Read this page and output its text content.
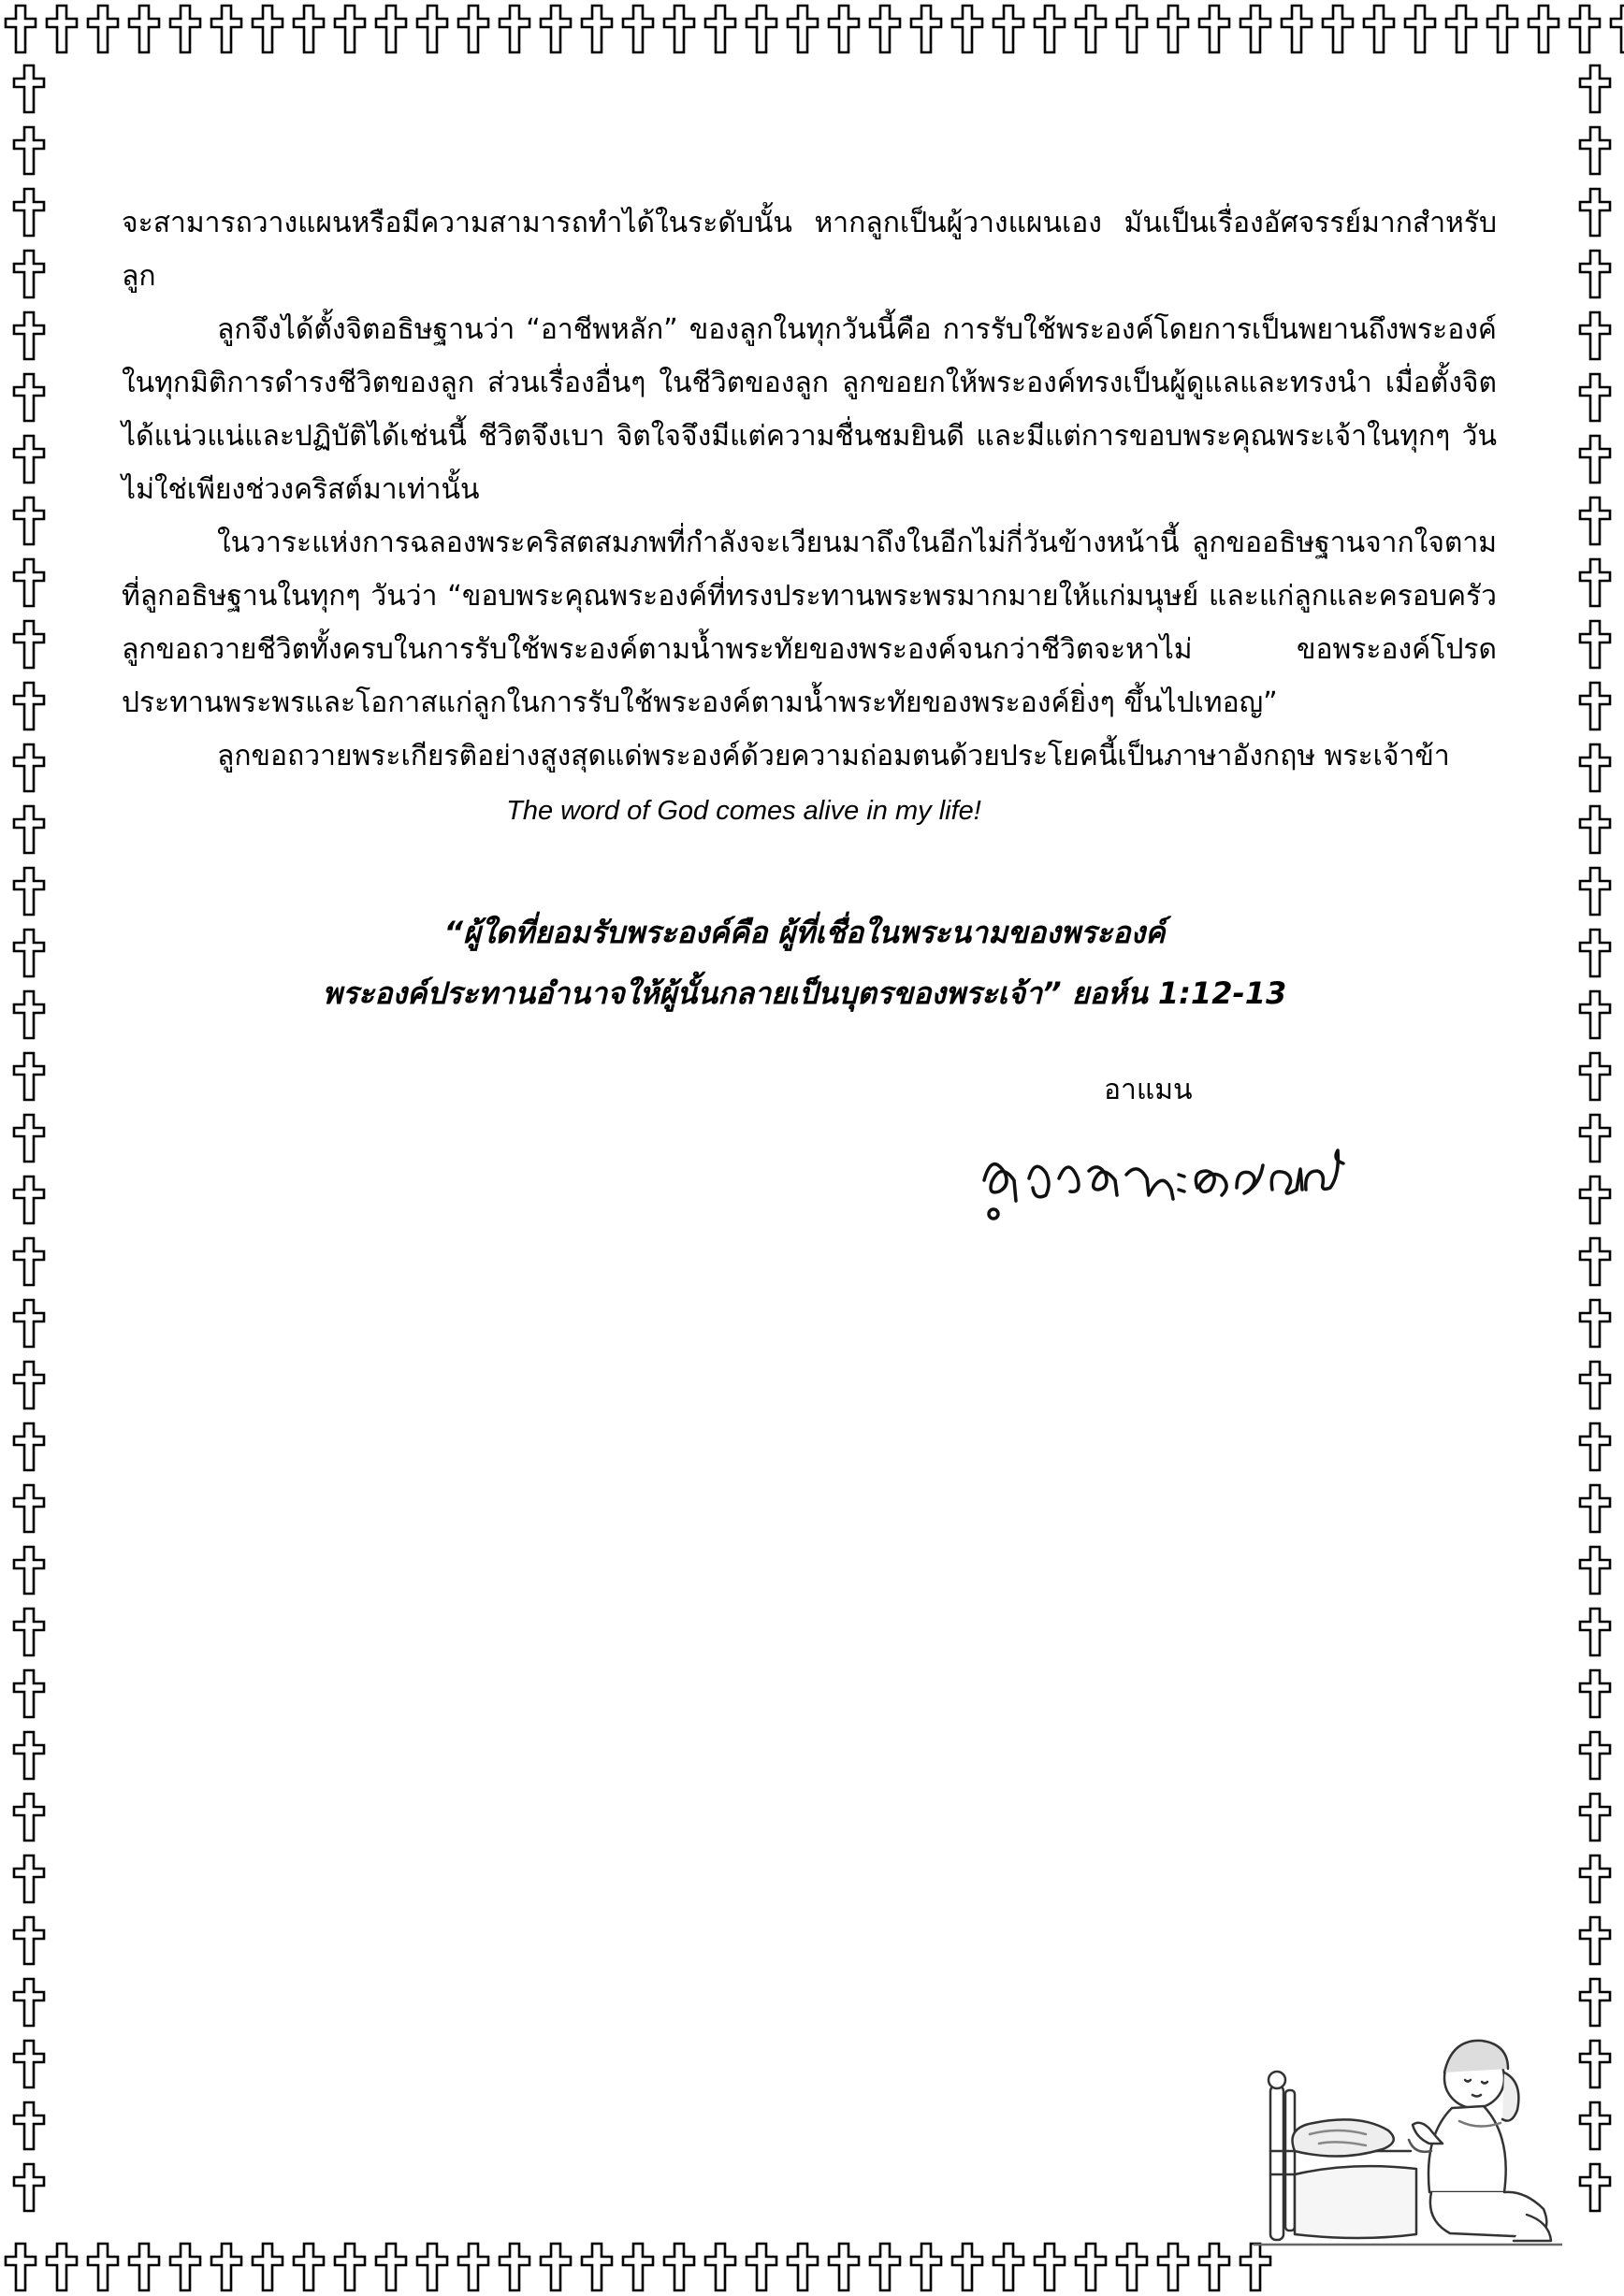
จะสามารถวางแผนหรือมีความสามารถทำได้ในระดับนั้น หากลูกเป็นผู้วางแผนเอง มันเป็นเรื่องอัศจรรย์มากสำหรับลูก

ลูกจึงได้ตั้งจิตอธิษฐานว่า “อาชีพหลัก” ของลูกในทุกวันนี้คือ การรับใช้พระองค์โดยการเป็นพยานถึงพระองค์ในทุกมิติการดำรงชีวิตของลูก ส่วนเรื่องอื่นๆ ในชีวิตของลูก ลูกขอยกให้พระองค์ทรงเป็นผู้ดูแลและทรงนำ เมื่อตั้งจิตได้แน่วแน่และปฏิบัติได้เช่นนี้ ชีวิตจึงเบา จิตใจจึงมีแต่ความชื่นชมยินดี และมีแต่การขอบพระคุณพระเจ้าในทุกๆ วัน ไม่ใช่เพียงช่วงคริสต์มาเท่านั้น

ในวาระแห่งการฉลองพระคริสตสมภพที่กำลังจะเวียนมาถึงในอีกไม่กี่วันข้างหน้านี้ ลูกขออธิษฐานจากใจตามที่ลูกอธิษฐานในทุกๆ วันว่า “ขอบพระคุณพระองค์ที่ทรงประทานพระพรมากมายให้แก่มนุษย์ และแก่ลูกและครอบครัว ลูกขอถวายชีวิตทั้งครบในการรับใช้พระองค์ตามน้ำพระทัยของพระองค์จนกว่าชีวิตจะหาไม่ ขอพระองค์โปรดประทานพระพรและโอกาสแก่ลูกในการรับใช้พระองค์ตามน้ำพระทัยของพระองค์ยิ่งๆ ขึ้นไปเทอญ”

ลูกขอถวายพระเกียรติอย่างสูงสุดแด่พระองค์ด้วยความถ่อมตนด้วยประโยคนี้เป็นภาษาอังกฤษ พระเจ้าข้า

The word of God comes alive in my life!
“ผู้ใดที่ยอมรับพระองค์คือ ผู้ที่เชื่อในพระนามของพระองค์
พระองค์ประทานอำนาจให้ผู้นั้นกลายเป็นบุตรของพระเจ้า” ยอห์น 1:12-13
อาแมน
